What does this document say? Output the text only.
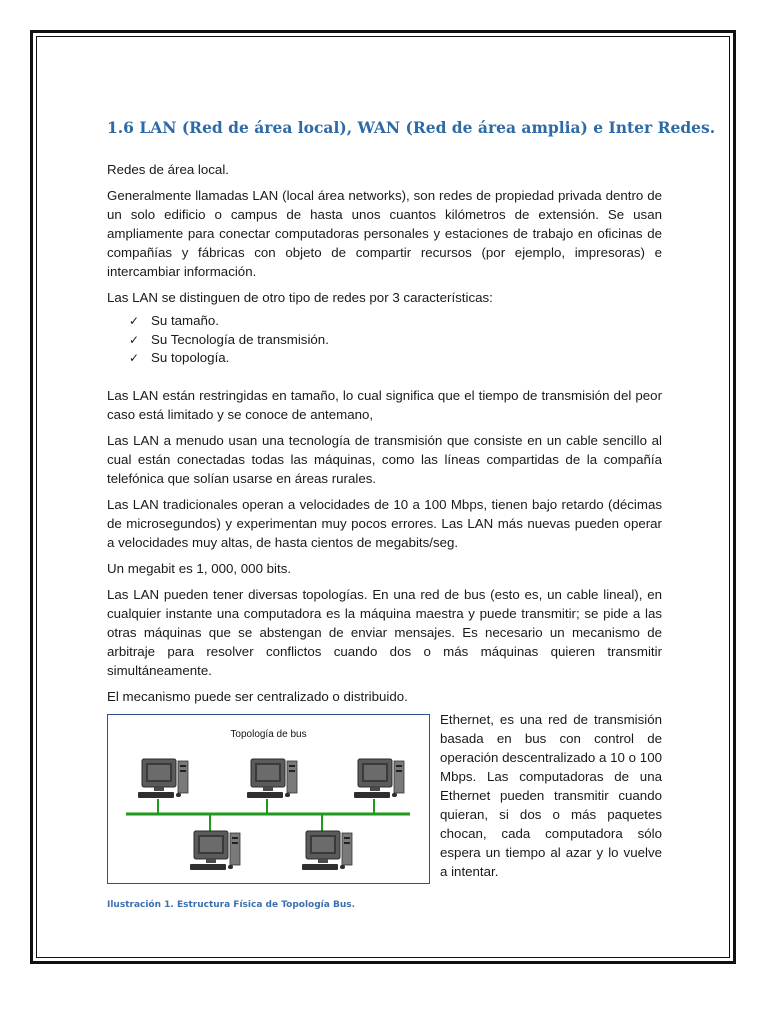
1.6 LAN (Red de área local), WAN (Red de área amplia) e Inter Redes.

Redes de área local.

Generalmente llamadas LAN (local área networks), son redes de propiedad privada dentro de un solo edificio o campus de hasta unos cuantos kilómetros de extensión. Se usan ampliamente para conectar computadoras personales y estaciones de trabajo en oficinas de compañías y fábricas con objeto de compartir recursos (por ejemplo, impresoras) e intercambiar información.

Las LAN se distinguen de otro tipo de redes por 3 características:

✓ Su tamaño.
✓ Su Tecnología de transmisión.
✓ Su topología.

Las LAN están restringidas en tamaño, lo cual significa que el tiempo de transmisión del peor caso está limitado y se conoce de antemano,

Las LAN a menudo usan una tecnología de transmisión que consiste en un cable sencillo al cual están conectadas todas las máquinas, como las líneas compartidas de la compañía telefónica que solían usarse en áreas rurales.

Las LAN tradicionales operan a velocidades de 10 a 100 Mbps, tienen bajo retardo (décimas de microsegundos) y experimentan muy pocos errores. Las LAN más nuevas pueden operar a velocidades muy altas, de hasta cientos de megabits/seg.

Un megabit es 1, 000, 000 bits.

Las LAN pueden tener diversas topologías. En una red de bus (esto es, un cable lineal), en cualquier instante una computadora es la máquina maestra y puede transmitir; se pide a las otras máquinas que se abstengan de enviar mensajes. Es necesario un mecanismo de arbitraje para resolver conflictos cuando dos o más máquinas quieren transmitir simultáneamente.

El mecanismo puede ser centralizado o distribuido.

Topología de bus
Ilustración 1. Estructura Física de Topología Bus.
Ethernet, es una red de transmisión basada en bus con control de operación descentralizado a 10 o 100 Mbps. Las computadoras de una Ethernet pueden transmitir cuando quieran, si dos o más paquetes chocan, cada computadora sólo espera un tiempo al azar y lo vuelve a intentar.
